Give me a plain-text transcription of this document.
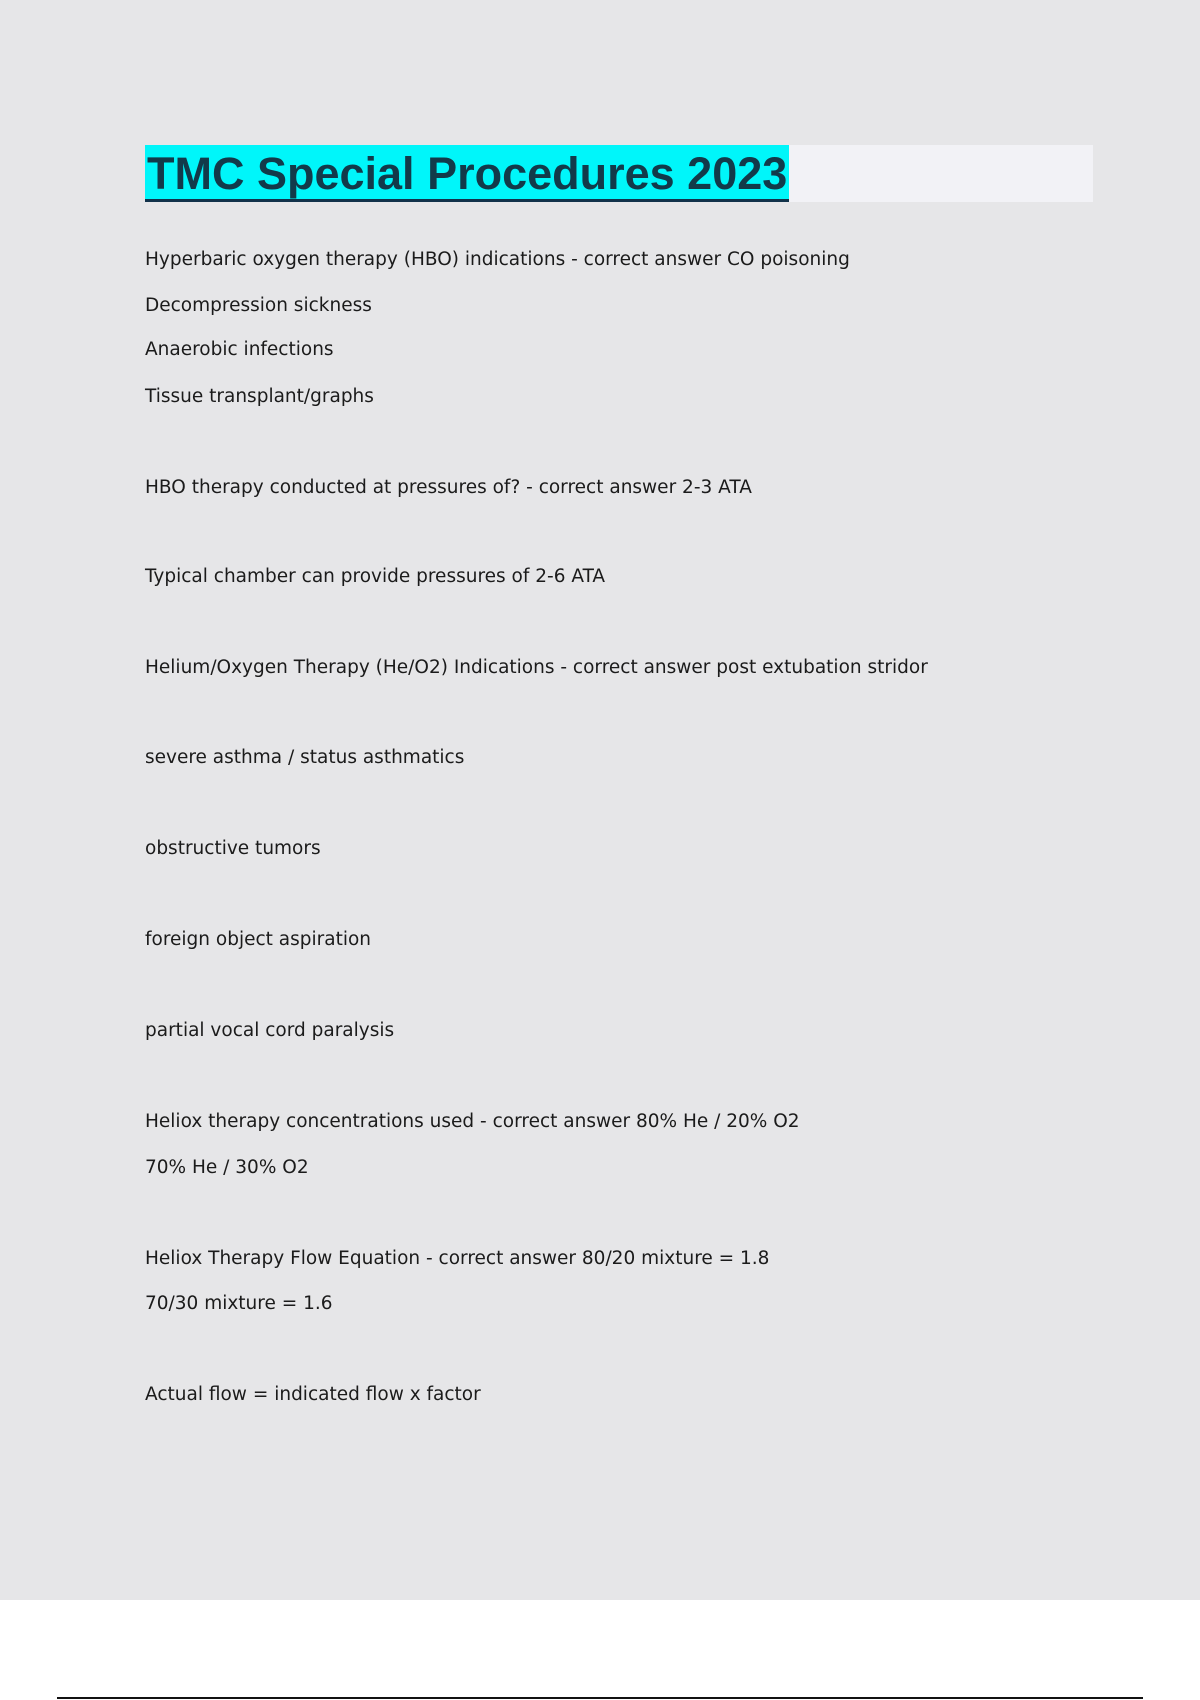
TMC Special Procedures 2023
Hyperbaric oxygen therapy (HBO) indications - correct answer CO poisoning
Decompression sickness
Anaerobic infections
Tissue transplant/graphs
HBO therapy conducted at pressures of? - correct answer 2-3 ATA
Typical chamber can provide pressures of 2-6 ATA
Helium/Oxygen Therapy (He/O2) Indications - correct answer post extubation stridor
severe asthma / status asthmatics
obstructive tumors
foreign object aspiration
partial vocal cord paralysis
Heliox therapy concentrations used - correct answer 80% He / 20% O2
70% He / 30% O2
Heliox Therapy Flow Equation - correct answer 80/20 mixture = 1.8
70/30 mixture = 1.6
Actual flow = indicated flow x factor
